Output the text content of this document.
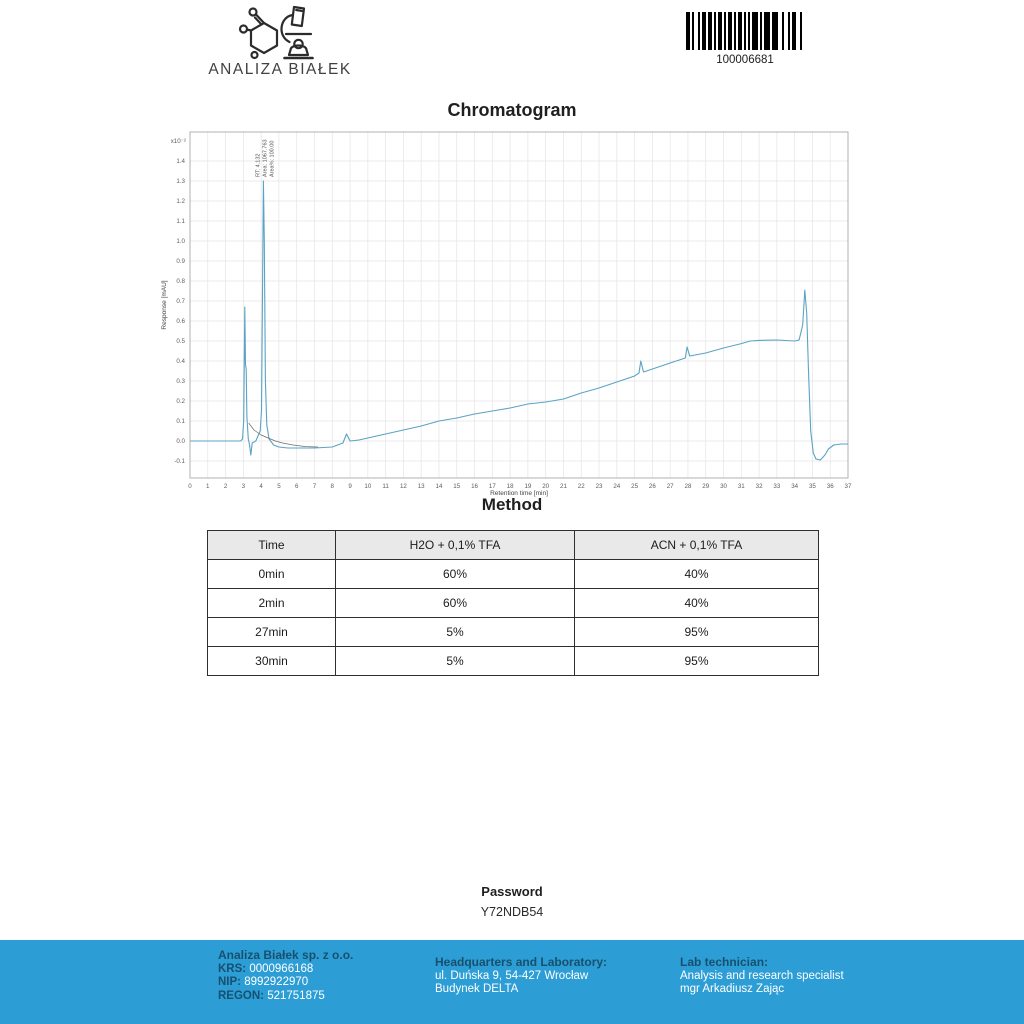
ANALIZA BIAŁEK
100006681
Chromatogram
0 1 2 3 4 5 6 7 8 9 10 11 12 13 14 15 16 17 18 19 20 21 22 23 24 25 26 27 28 29 30 31 32 33 34 35 36 37
-0.1
0.0
0.1
0.2
0.3
0.4
0.5
0.6
0.7
0.8
0.9
1.0
1.1
1.2
1.3
1.4
x10⁻²
Retention time [min]
Response [mAU]
RT: 4.132 Area: 1067.763 Area%: 100.00
Method
Time	H2O + 0,1% TFA	ACN + 0,1% TFA
0min	60%	40%
2min	60%	40%
27min	5%	95%
30min	5%	95%
Password
Y72NDB54
Analiza Białek sp. z o.o.
KRS: 0000966168
NIP: 8992922970
REGON: 521751875
Headquarters and Laboratory:
ul. Duńska 9, 54-427 Wrocław
Budynek DELTA
Lab technician:
Analysis and research specialist
mgr Arkadiusz Zając
